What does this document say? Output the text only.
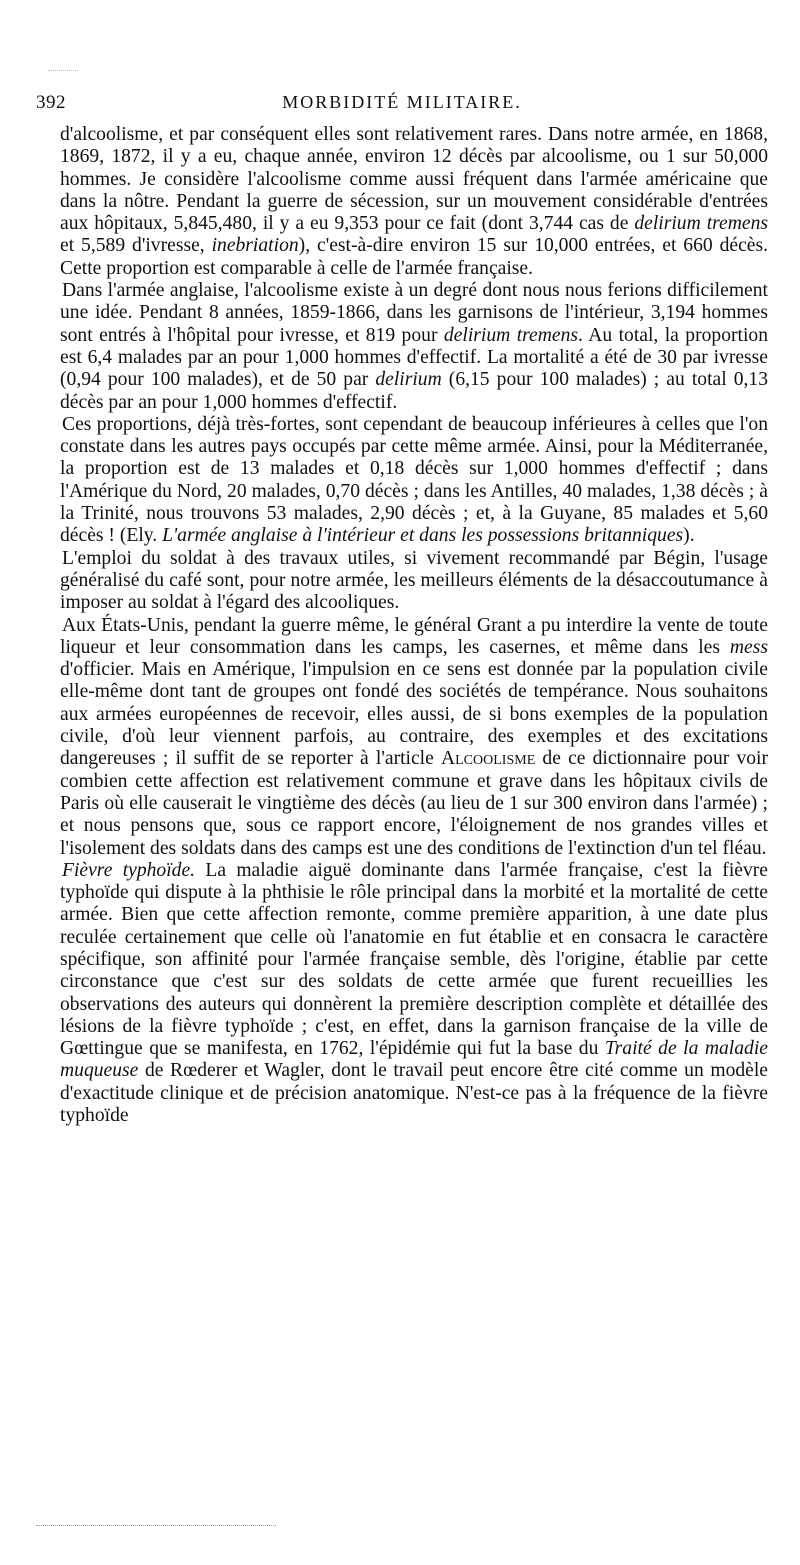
392	MORBIDITÉ MILITAIRE.

d'alcoolisme, et par conséquent elles sont relativement rares. Dans notre armée, en 1868, 1869, 1872, il y a eu, chaque année, environ 12 décès par alcoolisme, ou 1 sur 50,000 hommes. Je considère l'alcoolisme comme aussi fréquent dans l'armée américaine que dans la nôtre. Pendant la guerre de sécession, sur un mouvement considérable d'entrées aux hôpitaux, 5,845,480, il y a eu 9,353 pour ce fait (dont 3,744 cas de delirium tremens et 5,589 d'ivresse, inebriation), c'est-à-dire environ 15 sur 10,000 entrées, et 660 décès. Cette proportion est comparable à celle de l'armée française.

Dans l'armée anglaise, l'alcoolisme existe à un degré dont nous nous ferions difficilement une idée. Pendant 8 années, 1859-1866, dans les garnisons de l'intérieur, 3,194 hommes sont entrés à l'hôpital pour ivresse, et 819 pour delirium tremens. Au total, la proportion est 6,4 malades par an pour 1,000 hommes d'effectif. La mortalité a été de 30 par ivresse (0,94 pour 100 malades), et de 50 par delirium (6,15 pour 100 malades) ; au total 0,13 décès par an pour 1,000 hommes d'effectif.

Ces proportions, déjà très-fortes, sont cependant de beaucoup inférieures à celles que l'on constate dans les autres pays occupés par cette même armée. Ainsi, pour la Méditerranée, la proportion est de 13 malades et 0,18 décès sur 1,000 hommes d'effectif ; dans l'Amérique du Nord, 20 malades, 0,70 décès ; dans les Antilles, 40 malades, 1,38 décès ; à la Trinité, nous trouvons 53 malades, 2,90 décès ; et, à la Guyane, 85 malades et 5,60 décès ! (Ely. L'armée anglaise à l'intérieur et dans les possessions britanniques).

L'emploi du soldat à des travaux utiles, si vivement recommandé par Bégin, l'usage généralisé du café sont, pour notre armée, les meilleurs éléments de la désaccoutumance à imposer au soldat à l'égard des alcooliques.

Aux États-Unis, pendant la guerre même, le général Grant a pu interdire la vente de toute liqueur et leur consommation dans les camps, les casernes, et même dans les mess d'officier. Mais en Amérique, l'impulsion en ce sens est donnée par la population civile elle-même dont tant de groupes ont fondé des sociétés de tempérance. Nous souhaitons aux armées européennes de recevoir, elles aussi, de si bons exemples de la population civile, d'où leur viennent parfois, au contraire, des exemples et des excitations dangereuses ; il suffit de se reporter à l'article Alcoolisme de ce dictionnaire pour voir combien cette affection est relativement commune et grave dans les hôpitaux civils de Paris où elle causerait le vingtième des décès (au lieu de 1 sur 300 environ dans l'armée) ; et nous pensons que, sous ce rapport encore, l'éloignement de nos grandes villes et l'isolement des soldats dans des camps est une des conditions de l'extinction d'un tel fléau.

Fièvre typhoïde. La maladie aiguë dominante dans l'armée française, c'est la fièvre typhoïde qui dispute à la phthisie le rôle principal dans la morbité et la mortalité de cette armée. Bien que cette affection remonte, comme première apparition, à une date plus reculée certainement que celle où l'anatomie en fut établie et en consacra le caractère spécifique, son affinité pour l'armée française semble, dès l'origine, établie par cette circonstance que c'est sur des soldats de cette armée que furent recueillies les observations des auteurs qui donnèrent la première description complète et détaillée des lésions de la fièvre typhoïde ; c'est, en effet, dans la garnison française de la ville de Gœttingue que se manifesta, en 1762, l'épidémie qui fut la base du Traité de la maladie muqueuse de Rœderer et Wagler, dont le travail peut encore être cité comme un modèle d'exactitude clinique et de précision anatomique. N'est-ce pas à la fréquence de la fièvre typhoïde
